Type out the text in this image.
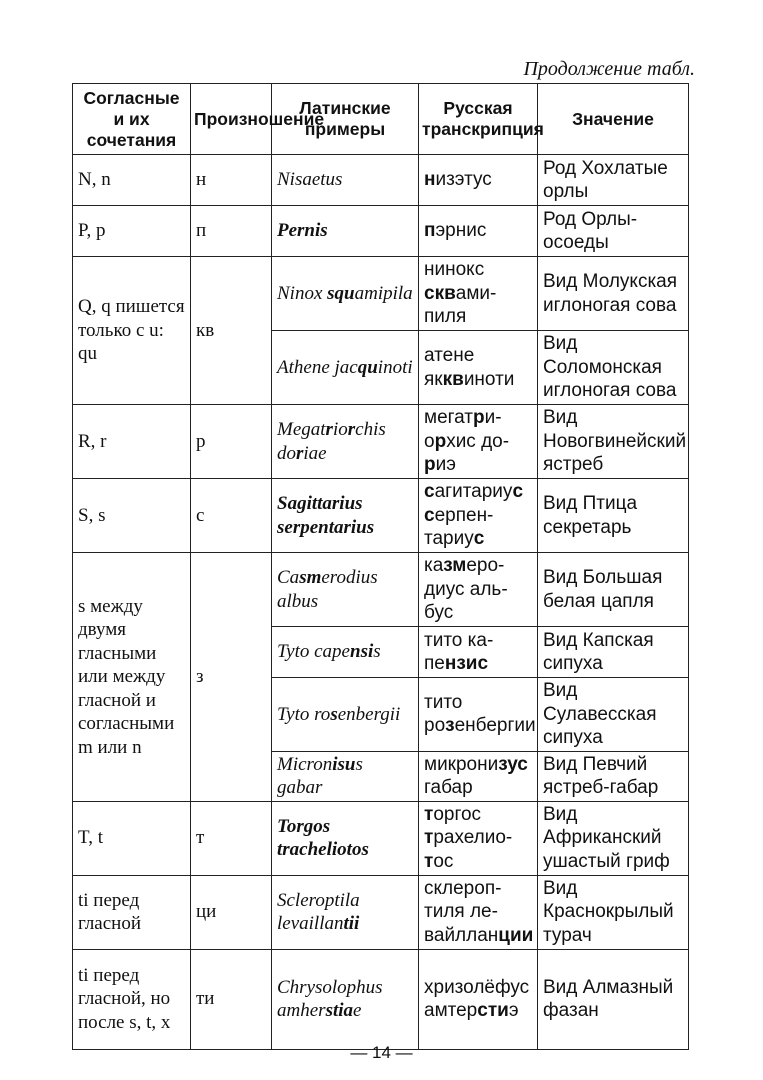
Продолжение табл.
Согласные и их сочетания	Произношение	Латинские примеры	Русская транскрипция	Значение
N, n	н	Nisaetus	низэтус	Род Хохлатые орлы
P, p	п	Pernis	пэрнис	Род Орлы-осоеды
Q, q пишется только с u: qu	кв	Ninox squamipila	нинокс сквами-пиля	Вид Молукская иглоногая сова
		Athene jacquinoti	атене якквиноти	Вид Соломонская иглоногая сова
R, r	р	Megatriorchis doriae	мегатри-орхис до-риэ	Вид Новогвинейский ястреб
S, s	с	Sagittarius serpentarius	сагитариус серпен-тариус	Вид Птица секретарь
s между двумя гласными или между гласной и согласными m или n	з	Casmerodius albus	казмеро-диус аль-бус	Вид Большая белая цапля
		Tyto capensis	тито ка-пензис	Вид Капская сипуха
		Tyto rosenbergii	тито розенбергии	Вид Сулавесская сипуха
		Micronisus gabar	микронизус габар	Вид Певчий ястреб-габар
T, t	т	Torgos tracheliotos	торгос трахелио-тос	Вид Африканский ушастый гриф
ti перед гласной	ци	Scleroptila levaillantii	склероп-тиля ле-вайлланции	Вид Краснокрылый турач
ti перед гласной, но после s, t, x	ти	Chrysolophus amherstiae	хризолёфус амтерстиэ	Вид Алмазный фазан
— 14 —
